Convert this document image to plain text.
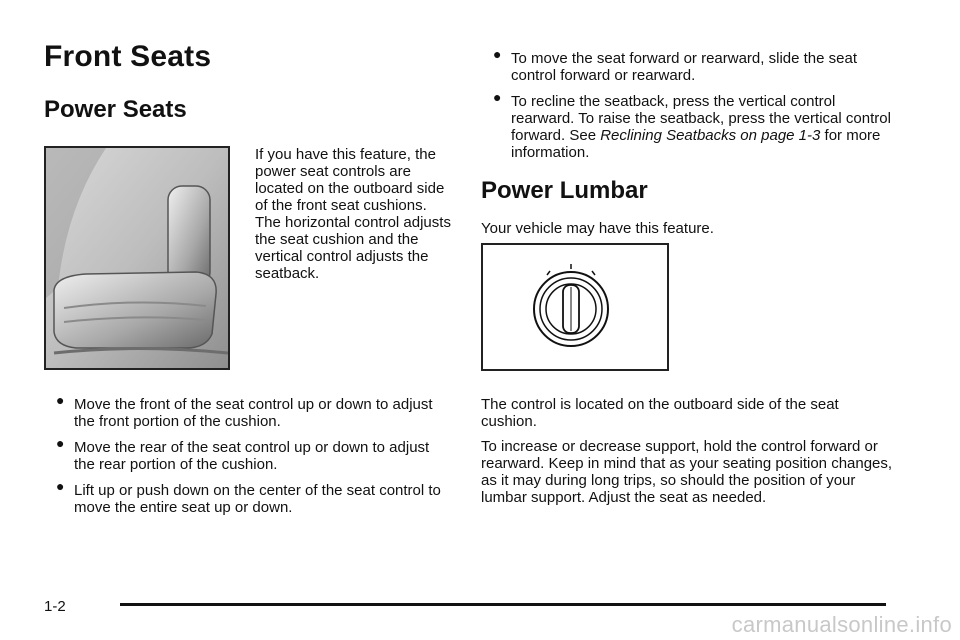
Front Seats
Power Seats
If you have this feature, the power seat controls are located on the outboard side of the front seat cushions. The horizontal control adjusts the seat cushion and the vertical control adjusts the seatback.
● Move the front of the seat control up or down to adjust the front portion of the cushion.
● Move the rear of the seat control up or down to adjust the rear portion of the cushion.
● Lift up or push down on the center of the seat control to move the entire seat up or down.
● To move the seat forward or rearward, slide the seat control forward or rearward.
● To recline the seatback, press the vertical control rearward. To raise the seatback, press the vertical control forward. See Reclining Seatbacks on page 1-3 for more information.
Power Lumbar
Your vehicle may have this feature.

The control is located on the outboard side of the seat cushion.

To increase or decrease support, hold the control forward or rearward. Keep in mind that as your seating position changes, as it may during long trips, so should the position of your lumbar support. Adjust the seat as needed.

1-2
carmanualsonline.info
